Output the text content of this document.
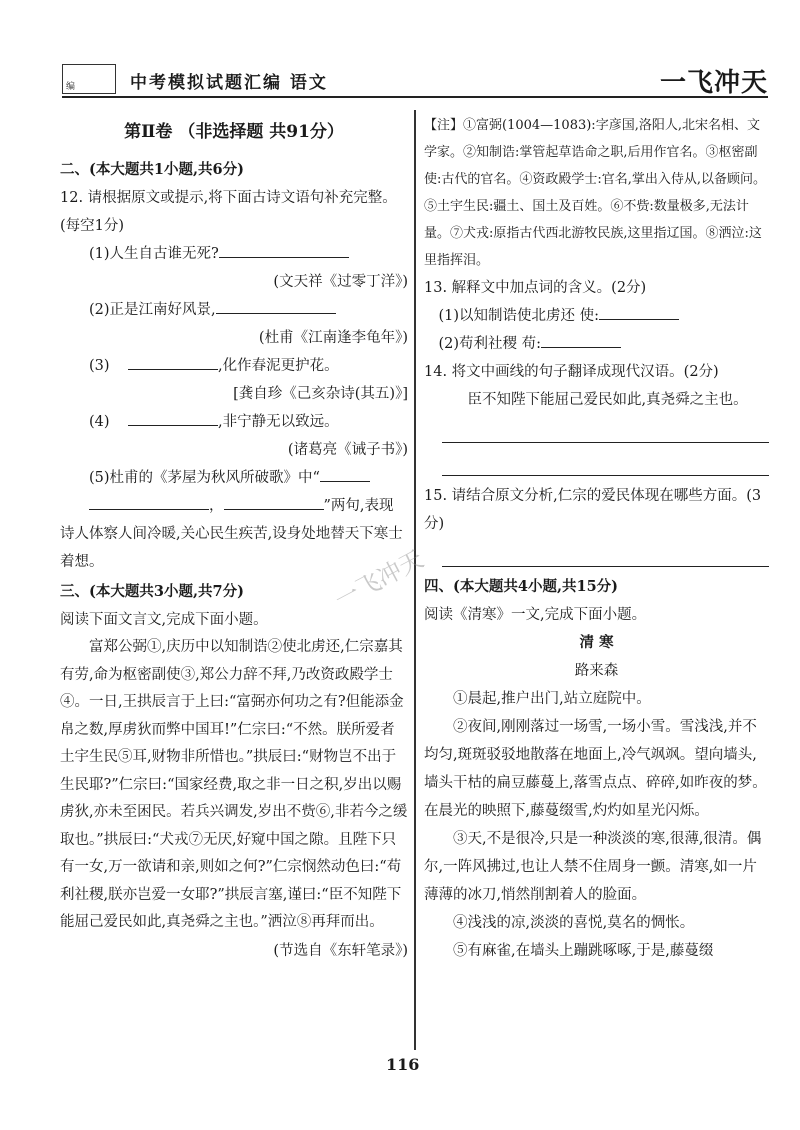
编	中考模拟试题汇编 语文	一飞冲天
一飞冲天
第Ⅱ卷 （非选择题 共91分）

二、(本大题共1小题,共6分)

12. 请根据原文或提示,将下面古诗文语句补充完整。(每空1分)

(1)人生自古谁无死?

(文天祥《过零丁洋》)

(2)正是江南好风景,

(杜甫《江南逢李龟年》)

(3)	,化作春泥更护花。

[龚自珍《己亥杂诗(其五)》]

(4)	,非宁静无以致远。

(诸葛亮《诫子书》)

(5)杜甫的《茅屋为秋风所破歌》中“
，	”两句,表现诗人体察人间冷暖,关心民生疾苦,设身处地替天下寒士着想。

三、(本大题共3小题,共7分)

阅读下面文言文,完成下面小题。

富郑公弼①,庆历中以知制诰②使北虏还,仁宗嘉其有劳,命为枢密副使③,郑公力辞不拜,乃改资政殿学士④。一日,王拱辰言于上曰:“富弼亦何功之有?但能添金帛之数,厚虏狄而弊中国耳!”仁宗曰:“不然。朕所爱者土宇生民⑤耳,财物非所惜也。”拱辰曰:“财物岂不出于生民耶?”仁宗曰:“国家经费,取之非一日之积,岁出以赐虏狄,亦未至困民。若兵兴调发,岁出不赀⑥,非若今之缓取也。”拱辰曰:“犬戎⑦无厌,好窥中国之隙。且陛下只有一女,万一欲请和亲,则如之何?”仁宗悯然动色曰:“苟利社稷,朕亦岂爱一女耶?”拱辰言塞,谨曰:“臣不知陛下能屈己爱民如此,真尧舜之主也。”洒泣⑧再拜而出。

(节选自《东轩笔录》)

【注】①富弼(1004—1083):字彦国,洛阳人,北宋名相、文学家。②知制诰:掌管起草诰命之职,后用作官名。③枢密副使:古代的官名。④资政殿学士:官名,掌出入侍从,以备顾问。⑤土宇生民:疆土、国土及百姓。⑥不赀:数量极多,无法计量。⑦犬戎:原指古代西北游牧民族,这里指辽国。⑧洒泣:这里指挥泪。

13. 解释文中加点词的含义。(2分)

(1)以知制诰使北虏还 使:

(2)苟利社稷 苟:

14. 将文中画线的句子翻译成现代汉语。(2分)

臣不知陛下能屈己爱民如此,真尧舜之主也。

15. 请结合原文分析,仁宗的爱民体现在哪些方面。(3分)

四、(本大题共4小题,共15分)

阅读《清寒》一文,完成下面小题。

清 寒

路来森

①晨起,推户出门,站立庭院中。

②夜间,刚刚落过一场雪,一场小雪。雪浅浅,并不均匀,斑斑驳驳地散落在地面上,冷气飒飒。望向墙头,墙头干枯的扁豆藤蔓上,落雪点点、碎碎,如昨夜的梦。在晨光的映照下,藤蔓缀雪,灼灼如星光闪烁。

③天,不是很冷,只是一种淡淡的寒,很薄,很清。偶尔,一阵风拂过,也让人禁不住周身一颤。清寒,如一片薄薄的冰刀,悄然削割着人的脸面。

④浅浅的凉,淡淡的喜悦,莫名的惆怅。

⑤有麻雀,在墙头上蹦跳啄啄,于是,藤蔓缀

116
